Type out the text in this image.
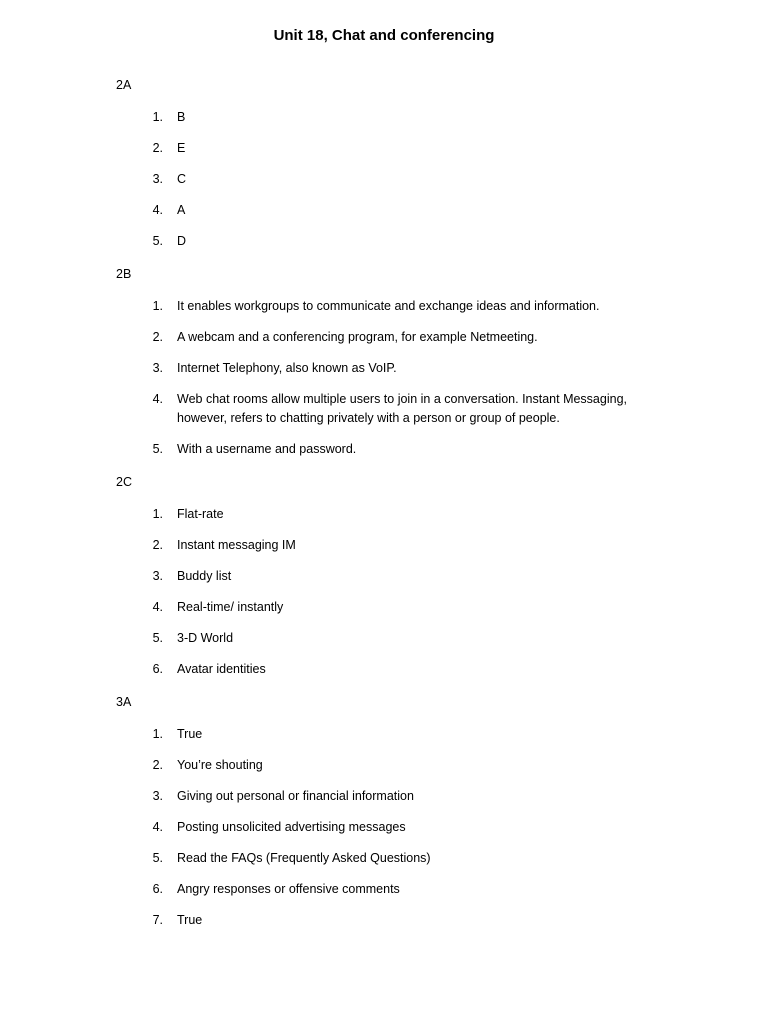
Unit 18, Chat and conferencing

2A

1.	B
2.	E
3.	C
4.	A
5.	D

2B

1.	It enables workgroups to communicate and exchange ideas and information.
2.	A webcam and a conferencing program, for example Netmeeting.
3.	Internet Telephony, also known as VoIP.
4.	Web chat rooms allow multiple users to join in a conversation. Instant Messaging, however, refers to chatting privately with a person or group of people.
5.	With a username and password.

2C

1.	Flat-rate
2.	Instant messaging IM
3.	Buddy list
4.	Real-time/ instantly
5.	3-D World
6.	Avatar identities

3A

1.	True
2.	You’re shouting
3.	Giving out personal or financial information
4.	Posting unsolicited advertising messages
5.	Read the FAQs (Frequently Asked Questions)
6.	Angry responses or offensive comments
7.	True
